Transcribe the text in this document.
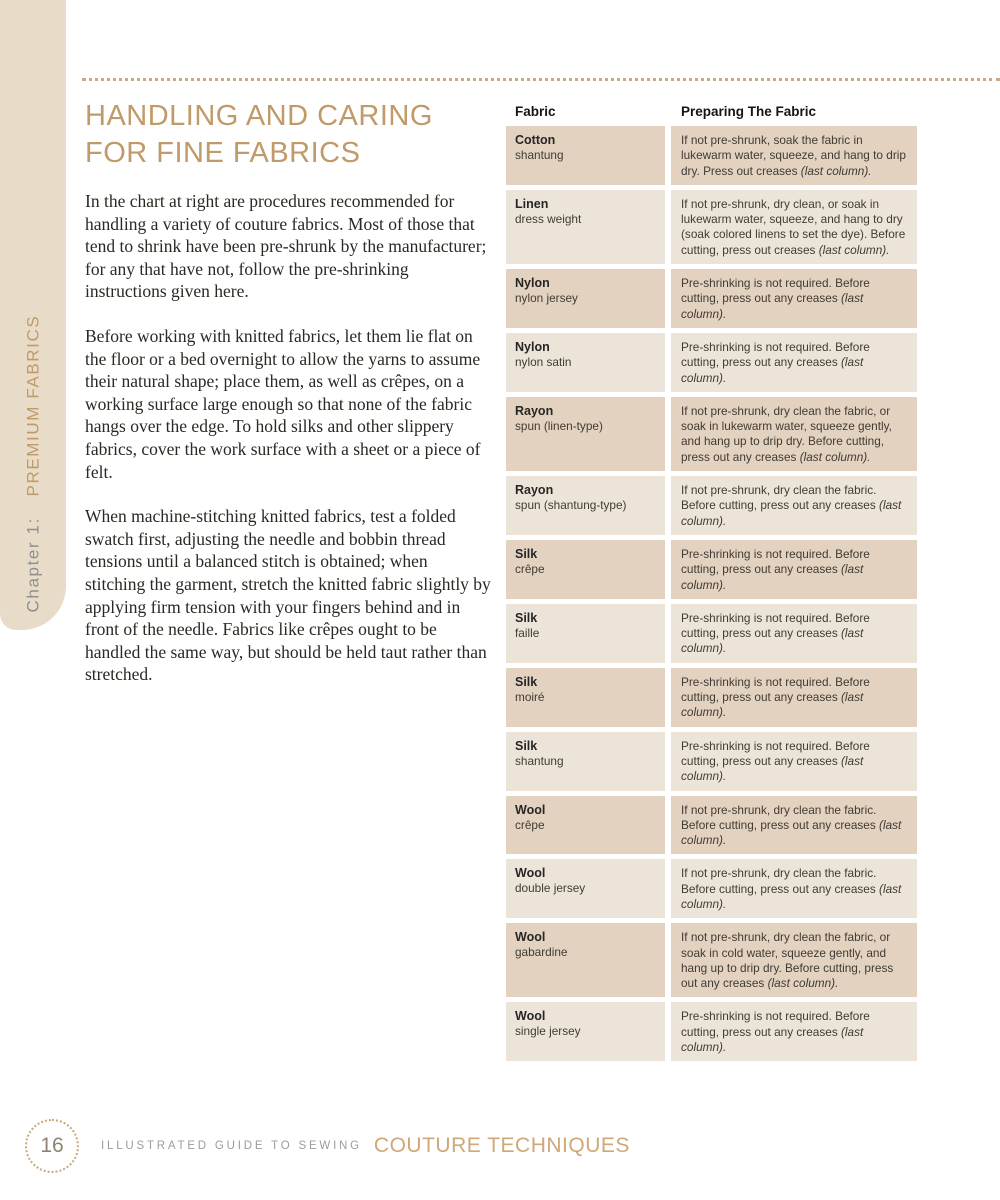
Chapter 1: PREMIUM FABRICS
HANDLING AND CARING
FOR FINE FABRICS

In the chart at right are procedures recommended for handling a variety of couture fabrics. Most of those that tend to shrink have been pre-shrunk by the manufacturer; for any that have not, follow the pre-shrinking instructions given here.

Before working with knitted fabrics, let them lie flat on the floor or a bed overnight to allow the yarns to assume their natural shape; place them, as well as crêpes, on a working surface large enough so that none of the fabric hangs over the edge. To hold silks and other slippery fabrics, cover the work surface with a sheet or a piece of felt.

When machine-stitching knitted fabrics, test a folded swatch first, adjusting the needle and bobbin thread tensions until a balanced stitch is obtained; when stitching the garment, stretch the knitted fabric slightly by applying firm tension with your fingers behind and in front of the needle. Fabrics like crêpes ought to be handled the same way, but should be held taut rather than stretched.

Fabric	Preparing The Fabric
Cotton
shantung
If not pre-shrunk, soak the fabric in lukewarm water, squeeze, and hang to drip dry. Press out creases (last column).
Linen
dress weight
If not pre-shrunk, dry clean, or soak in lukewarm water, squeeze, and hang to dry (soak colored linens to set the dye). Before cutting, press out creases (last column).
Nylon
nylon jersey
Pre-shrinking is not required. Before cutting, press out any creases (last column).
Nylon
nylon satin
Pre-shrinking is not required. Before cutting, press out any creases (last column).
Rayon
spun (linen-type)
If not pre-shrunk, dry clean the fabric, or soak in lukewarm water, squeeze gently, and hang up to drip dry. Before cutting, press out any creases (last column).
Rayon
spun (shantung-type)
If not pre-shrunk, dry clean the fabric. Before cutting, press out any creases (last column).
Silk
crêpe
Pre-shrinking is not required. Before cutting, press out any creases (last column).
Silk
faille
Pre-shrinking is not required. Before cutting, press out any creases (last column).
Silk
moiré
Pre-shrinking is not required. Before cutting, press out any creases (last column).
Silk
shantung
Pre-shrinking is not required. Before cutting, press out any creases (last column).
Wool
crêpe
If not pre-shrunk, dry clean the fabric. Before cutting, press out any creases (last column).
Wool
double jersey
If not pre-shrunk, dry clean the fabric. Before cutting, press out any creases (last column).
Wool
gabardine
If not pre-shrunk, dry clean the fabric, or soak in cold water, squeeze gently, and hang up to drip dry. Before cutting, press out any creases (last column).
Wool
single jersey
Pre-shrinking is not required. Before cutting, press out any creases (last column).
16	ILLUSTRATED GUIDE TO SEWING COUTURE TECHNIQUES
